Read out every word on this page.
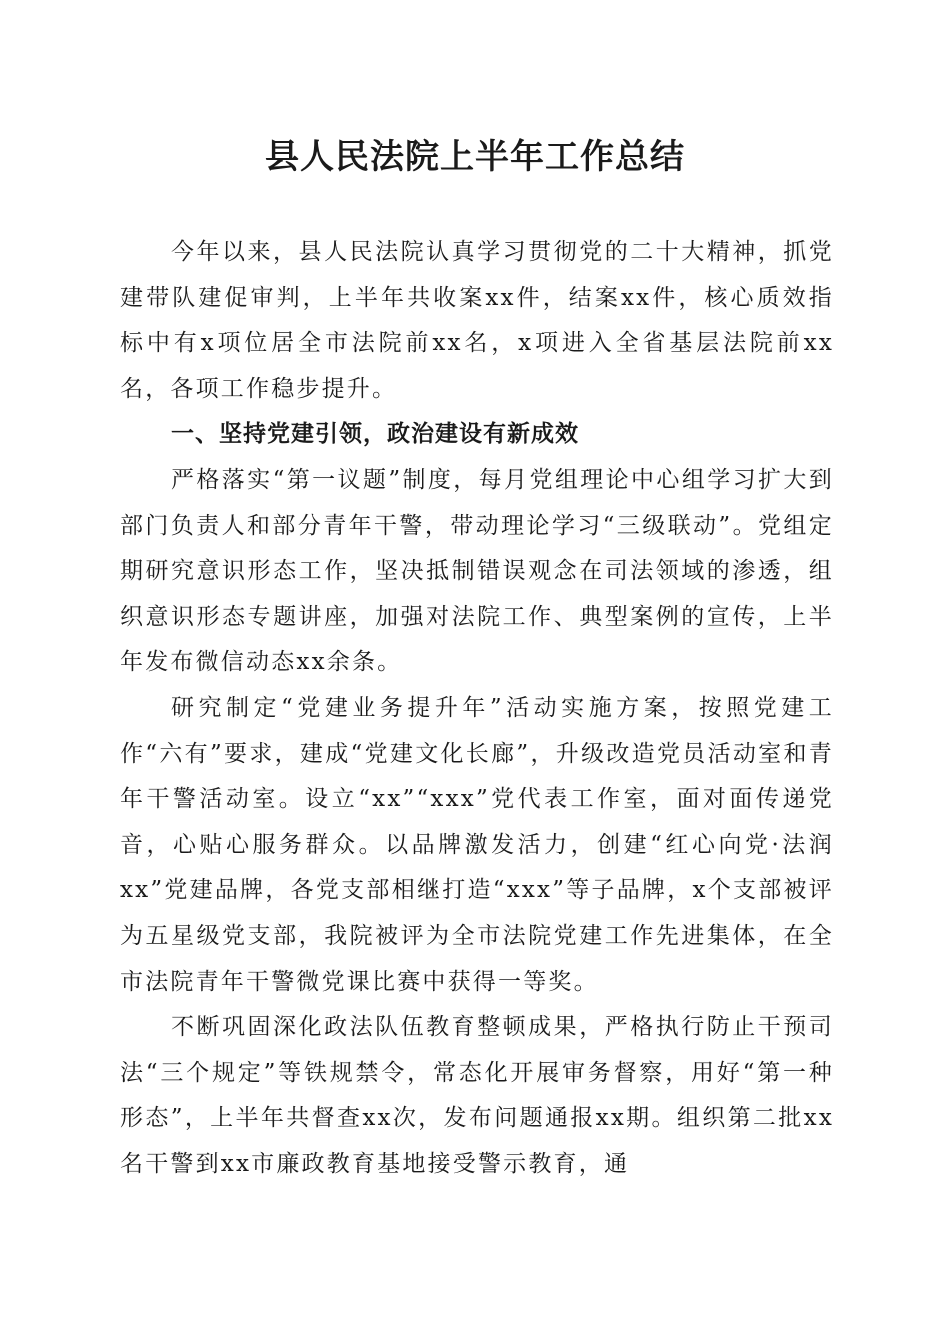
县人民法院上半年工作总结

今年以来，县人民法院认真学习贯彻党的二十大精神，抓党建带队建促审判，上半年共收案xx件，结案xx件，核心质效指标中有x项位居全市法院前xx名，x项进入全省基层法院前xx名，各项工作稳步提升。

一、坚持党建引领，政治建设有新成效

严格落实“第一议题”制度，每月党组理论中心组学习扩大到部门负责人和部分青年干警，带动理论学习“三级联动”。党组定期研究意识形态工作，坚决抵制错误观念在司法领域的渗透，组织意识形态专题讲座，加强对法院工作、典型案例的宣传，上半年发布微信动态xx余条。

研究制定“党建业务提升年”活动实施方案，按照党建工作“六有”要求，建成“党建文化长廊”，升级改造党员活动室和青年干警活动室。设立“xx”“xxx”党代表工作室，面对面传递党音，心贴心服务群众。以品牌激发活力，创建“红心向党·法润xx”党建品牌，各党支部相继打造“xxx”等子品牌，x个支部被评为五星级党支部，我院被评为全市法院党建工作先进集体，在全市法院青年干警微党课比赛中获得一等奖。

不断巩固深化政法队伍教育整顿成果，严格执行防止干预司法“三个规定”等铁规禁令，常态化开展审务督察，用好“第一种形态”，上半年共督查xx次，发布问题通报xx期。组织第二批xx名干警到xx市廉政教育基地接受警示教育，通
